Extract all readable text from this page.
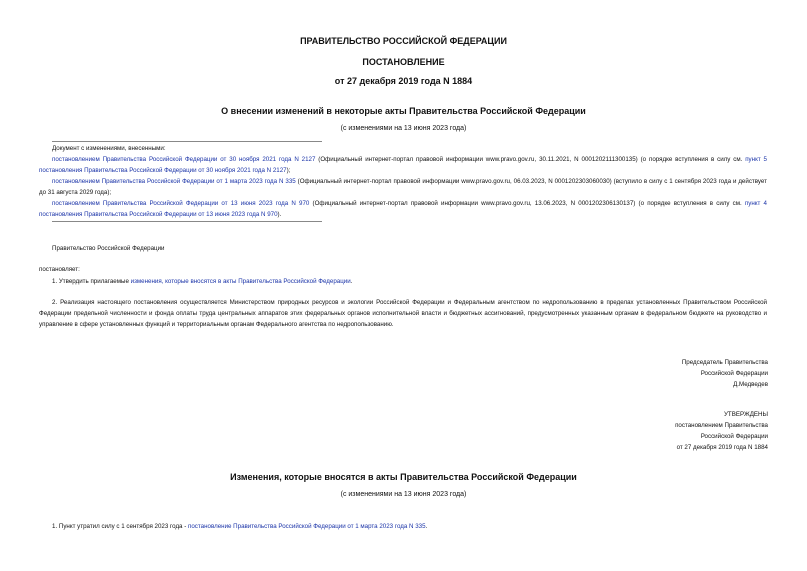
ПРАВИТЕЛЬСТВО РОССИЙСКОЙ ФЕДЕРАЦИИ
ПОСТАНОВЛЕНИЕ
от 27 декабря 2019 года N 1884
О внесении изменений в некоторые акты Правительства Российской Федерации
(с изменениями на 13 июня 2023 года)
Документ с изменениями, внесенными:
постановлением Правительства Российской Федерации от 30 ноября 2021 года N 2127 (Официальный интернет-портал правовой информации www.pravo.gov.ru, 30.11.2021, N 0001202111300135) (о порядке вступления в силу см. пункт 5 постановления Правительства Российской Федерации от 30 ноября 2021 года N 2127);
постановлением Правительства Российской Федерации от 1 марта 2023 года N 335 (Официальный интернет-портал правовой информации www.pravo.gov.ru, 06.03.2023, N 0001202303060030) (вступило в силу с 1 сентября 2023 года и действует до 31 августа 2029 года);
постановлением Правительства Российской Федерации от 13 июня 2023 года N 970 (Официальный интернет-портал правовой информации www.pravo.gov.ru, 13.06.2023, N 0001202306130137) (о порядке вступления в силу см. пункт 4 постановления Правительства Российской Федерации от 13 июня 2023 года N 970).
Правительство Российской Федерации
постановляет:
1. Утвердить прилагаемые изменения, которые вносятся в акты Правительства Российской Федерации.
2. Реализация настоящего постановления осуществляется Министерством природных ресурсов и экологии Российской Федерации и Федеральным агентством по недропользованию в пределах установленных Правительством Российской Федерации предельной численности и фонда оплаты труда центральных аппаратов этих федеральных органов исполнительной власти и бюджетных ассигнований, предусмотренных указанным органам в федеральном бюджете на руководство и управление в сфере установленных функций и территориальным органам Федерального агентства по недропользованию.
Председатель Правительства
Российской Федерации
Д.Медведев
УТВЕРЖДЕНЫ
постановлением Правительства
Российской Федерации
от 27 декабря 2019 года N 1884
Изменения, которые вносятся в акты Правительства Российской Федерации
(с изменениями на 13 июня 2023 года)
1. Пункт утратил силу с 1 сентября 2023 года - постановление Правительства Российской Федерации от 1 марта 2023 года N 335.
